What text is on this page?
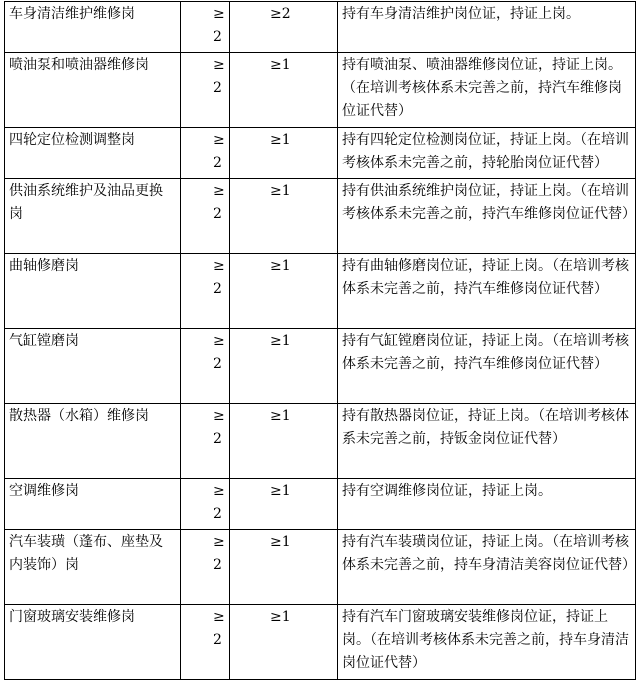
车身清洁维护维修岗	≥2	≥2	持有车身清洁维护岗位证，持证上岗。
喷油泵和喷油器维修岗	≥2	≥1	持有喷油泵、喷油器维修岗位证，持证上岗。（在培训考核体系未完善之前，持汽车维修岗位证代替）
四轮定位检测调整岗	≥2	≥1	持有四轮定位检测岗位证，持证上岗。（在培训考核体系未完善之前，持轮胎岗位证代替）
供油系统维护及油品更换岗	≥2	≥1	持有供油系统维护岗位证，持证上岗。（在培训考核体系未完善之前，持汽车维修岗位证代替）
曲轴修磨岗	≥2	≥1	持有曲轴修磨岗位证，持证上岗。（在培训考核体系未完善之前，持汽车维修岗位证代替）
气缸镗磨岗	≥2	≥1	持有气缸镗磨岗位证，持证上岗。（在培训考核体系未完善之前，持汽车维修岗位证代替）
散热器（水箱）维修岗	≥2	≥1	持有散热器岗位证，持证上岗。（在培训考核体系未完善之前，持钣金岗位证代替）
空调维修岗	≥2	≥1	持有空调维修岗位证，持证上岗。
汽车装璜（蓬布、座垫及内装饰）岗	≥2	≥1	持有汽车装璜岗位证，持证上岗。（在培训考核体系未完善之前，持车身清洁美容岗位证代替）
门窗玻璃安装维修岗	≥2	≥1	持有汽车门窗玻璃安装维修岗位证，持证上岗。（在培训考核体系未完善之前，持车身清洁岗位证代替）
